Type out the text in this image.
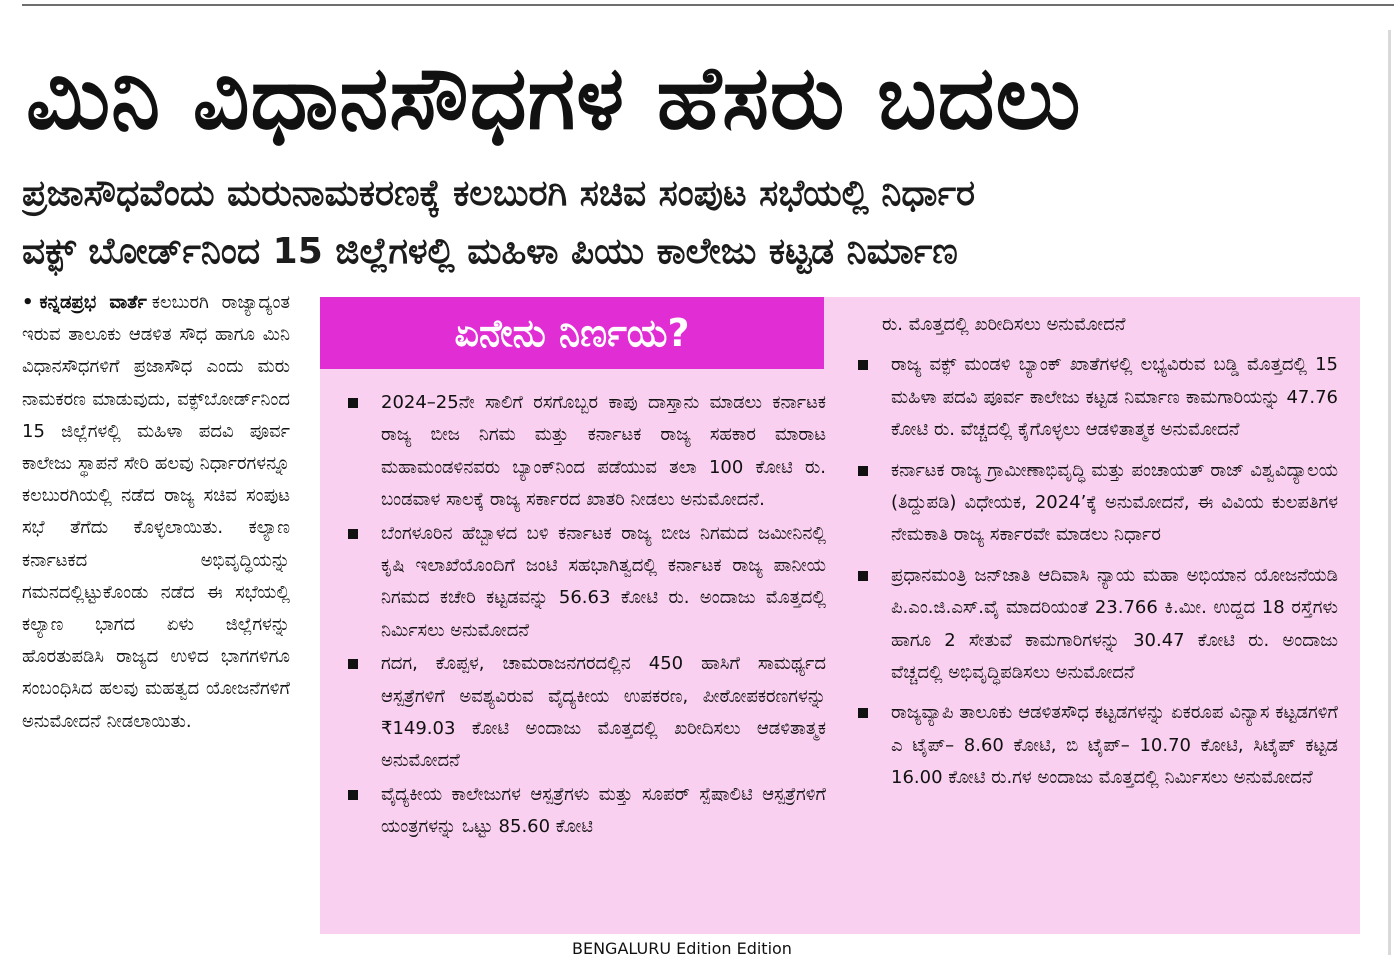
ಮಿನಿ ವಿಧಾನಸೌಧಗಳ ಹೆಸರು ಬದಲು
ಪ್ರಜಾಸೌಧವೆಂದು ಮರುನಾಮಕರಣಕ್ಕೆ ಕಲಬುರಗಿ ಸಚಿವ ಸಂಪುಟ ಸಭೆಯಲ್ಲಿ ನಿರ್ಧಾರ
ವಕ್ಫ್ ಬೋರ್ಡ್‌ನಿಂದ 15 ಜಿಲ್ಲೆಗಳಲ್ಲಿ ಮಹಿಳಾ ಪಿಯು ಕಾಲೇಜು ಕಟ್ಟಡ ನಿರ್ಮಾಣ
• ಕನ್ನಡಪ್ರಭ ವಾರ್ತೆ ಕಲಬುರಗಿ ರಾಜ್ಯಾದ್ಯಂತ ಇರುವ ತಾಲೂಕು ಆಡಳಿತ ಸೌಧ ಹಾಗೂ ಮಿನಿ ವಿಧಾನಸೌಧಗಳಿಗೆ ಪ್ರಜಾಸೌಧ ಎಂದು ಮರು ನಾಮಕರಣ ಮಾಡುವುದು, ವಕ್ಫ್‌ಬೋರ್ಡ್‌ನಿಂದ 15 ಜಿಲ್ಲೆಗಳಲ್ಲಿ ಮಹಿಳಾ ಪದವಿ ಪೂರ್ವ ಕಾಲೇಜು ಸ್ಥಾಪನೆ ಸೇರಿ ಹಲವು ನಿರ್ಧಾರಗಳನ್ನೂ ಕಲಬುರಗಿಯಲ್ಲಿ ನಡೆದ ರಾಜ್ಯ ಸಚಿವ ಸಂಪುಟ ಸಭೆ ತೆಗೆದು ಕೊಳ್ಳಲಾಯಿತು. ಕಲ್ಯಾಣ ಕರ್ನಾಟಕದ ಅಭಿವೃದ್ಧಿಯನ್ನು ಗಮನದಲ್ಲಿಟ್ಟುಕೊಂಡು ನಡೆದ ಈ ಸಭೆಯಲ್ಲಿ ಕಲ್ಯಾಣ ಭಾಗದ ಏಳು ಜಿಲ್ಲೆಗಳನ್ನು ಹೊರತುಪಡಿಸಿ ರಾಜ್ಯದ ಉಳಿದ ಭಾಗಗಳಿಗೂ ಸಂಬಂಧಿಸಿದ ಹಲವು ಮಹತ್ವದ ಯೋಜನೆಗಳಿಗೆ ಅನುಮೋದನೆ ನೀಡಲಾಯಿತು.
ಏನೇನು ನಿರ್ಣಯ?
2024–25ನೇ ಸಾಲಿಗೆ ರಸಗೊಬ್ಬರ ಕಾಪು ದಾಸ್ತಾನು ಮಾಡಲು ಕರ್ನಾಟಕ ರಾಜ್ಯ ಬೀಜ ನಿಗಮ ಮತ್ತು ಕರ್ನಾಟಕ ರಾಜ್ಯ ಸಹಕಾರ ಮಾರಾಟ ಮಹಾಮಂಡಳಿನವರು ಬ್ಯಾಂಕ್‌ನಿಂದ ಪಡೆಯುವ ತಲಾ 100 ಕೋಟಿ ರು. ಬಂಡವಾಳ ಸಾಲಕ್ಕೆ ರಾಜ್ಯ ಸರ್ಕಾರದ ಖಾತರಿ ನೀಡಲು ಅನುಮೋದನೆ.
ಬೆಂಗಳೂರಿನ ಹೆಬ್ಬಾಳದ ಬಳಿ ಕರ್ನಾಟಕ ರಾಜ್ಯ ಬೀಜ ನಿಗಮದ ಜಮೀನಿನಲ್ಲಿ ಕೃಷಿ ಇಲಾಖೆಯೊಂದಿಗೆ ಜಂಟಿ ಸಹಭಾಗಿತ್ವದಲ್ಲಿ ಕರ್ನಾಟಕ ರಾಜ್ಯ ಪಾನೀಯ ನಿಗಮದ ಕಚೇರಿ ಕಟ್ಟಡವನ್ನು 56.63 ಕೋಟಿ ರು. ಅಂದಾಜು ಮೊತ್ತದಲ್ಲಿ ನಿರ್ಮಿಸಲು ಅನುಮೋದನೆ
ಗದಗ, ಕೊಪ್ಪಳ, ಚಾಮರಾಜನಗರದಲ್ಲಿನ 450 ಹಾಸಿಗೆ ಸಾಮರ್ಥ್ಯದ ಆಸ್ಪತ್ರೆಗಳಿಗೆ ಅವಶ್ಯವಿರುವ ವೈದ್ಯಕೀಯ ಉಪಕರಣ, ಪೀಠೋಪಕರಣಗಳನ್ನು ₹149.03 ಕೋಟಿ ಅಂದಾಜು ಮೊತ್ತದಲ್ಲಿ ಖರೀದಿಸಲು ಆಡಳಿತಾತ್ಮಕ ಅನುಮೋದನೆ
ವೈದ್ಯಕೀಯ ಕಾಲೇಜುಗಳ ಆಸ್ಪತ್ರೆಗಳು ಮತ್ತು ಸೂಪರ್ ಸ್ಪೆಷಾಲಿಟಿ ಆಸ್ಪತ್ರೆಗಳಿಗೆ ಯಂತ್ರಗಳನ್ನು ಒಟ್ಟು 85.60 ಕೋಟಿ
ರು. ಮೊತ್ತದಲ್ಲಿ ಖರೀದಿಸಲು ಅನುಮೋದನೆ
ರಾಜ್ಯ ವಕ್ಫ್ ಮಂಡಳಿ ಬ್ಯಾಂಕ್ ಖಾತೆಗಳಲ್ಲಿ ಲಭ್ಯವಿರುವ ಬಡ್ಡಿ ಮೊತ್ತದಲ್ಲಿ 15 ಮಹಿಳಾ ಪದವಿ ಪೂರ್ವ ಕಾಲೇಜು ಕಟ್ಟಡ ನಿರ್ಮಾಣ ಕಾಮಗಾರಿಯನ್ನು 47.76 ಕೋಟಿ ರು. ವೆಚ್ಚದಲ್ಲಿ ಕೈಗೊಳ್ಳಲು ಆಡಳಿತಾತ್ಮಕ ಅನುಮೋದನೆ
ಕರ್ನಾಟಕ ರಾಜ್ಯ ಗ್ರಾಮೀಣಾಭಿವೃದ್ಧಿ ಮತ್ತು ಪಂಚಾಯತ್ ರಾಜ್ ವಿಶ್ವವಿದ್ಯಾಲಯ (ತಿದ್ದುಪಡಿ) ವಿಧೇಯಕ, 2024’ಕ್ಕೆ ಅನುಮೋದನೆ, ಈ ವಿವಿಯ ಕುಲಪತಿಗಳ ನೇಮಕಾತಿ ರಾಜ್ಯ ಸರ್ಕಾರವೇ ಮಾಡಲು ನಿರ್ಧಾರ
ಪ್ರಧಾನಮಂತ್ರಿ ಜನ್‌ಜಾತಿ ಆದಿವಾಸಿ ನ್ಯಾಯ ಮಹಾ ಅಭಿಯಾನ ಯೋಜನೆಯಡಿ ಪಿ.ಎಂ.ಜಿ.ಎಸ್.ವೈ ಮಾದರಿಯಂತೆ 23.766 ಕಿ.ಮೀ. ಉದ್ದದ 18 ರಸ್ತೆಗಳು ಹಾಗೂ 2 ಸೇತುವೆ ಕಾಮಗಾರಿಗಳನ್ನು 30.47 ಕೋಟಿ ರು. ಅಂದಾಜು ವೆಚ್ಚದಲ್ಲಿ ಅಭಿವೃದ್ಧಿಪಡಿಸಲು ಅನುಮೋದನೆ
ರಾಜ್ಯವ್ಯಾಪಿ ತಾಲೂಕು ಆಡಳಿತಸೌಧ ಕಟ್ಟಡಗಳನ್ನು ಏಕರೂಪ ವಿನ್ಯಾಸ ಕಟ್ಟಡಗಳಿಗೆ ಎ ಟೈಪ್– 8.60 ಕೋಟಿ, ಬಿ ಟೈಪ್– 10.70 ಕೋಟಿ, ಸಿಟೈಪ್ ಕಟ್ಟಡ 16.00 ಕೋಟಿ ರು.ಗಳ ಅಂದಾಜು ಮೊತ್ತದಲ್ಲಿ ನಿರ್ಮಿಸಲು ಅನುಮೋದನೆ
BENGALURU Edition Edition
